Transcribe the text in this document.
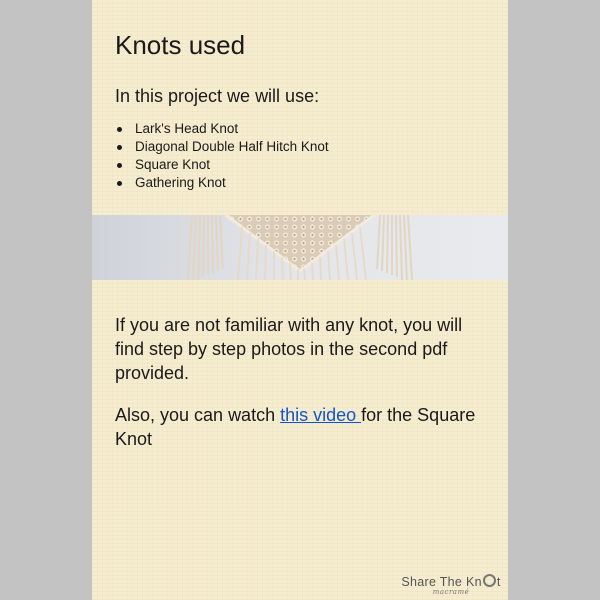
Knots used

In this project we will use:

Lark's Head Knot
Diagonal Double Half Hitch Knot
Square Knot
Gathering Knot

If you are not familiar with any knot, you will find step by step photos in the second pdf provided.

Also, you can watch this video for the Square Knot

Share The Kn t
macramé
